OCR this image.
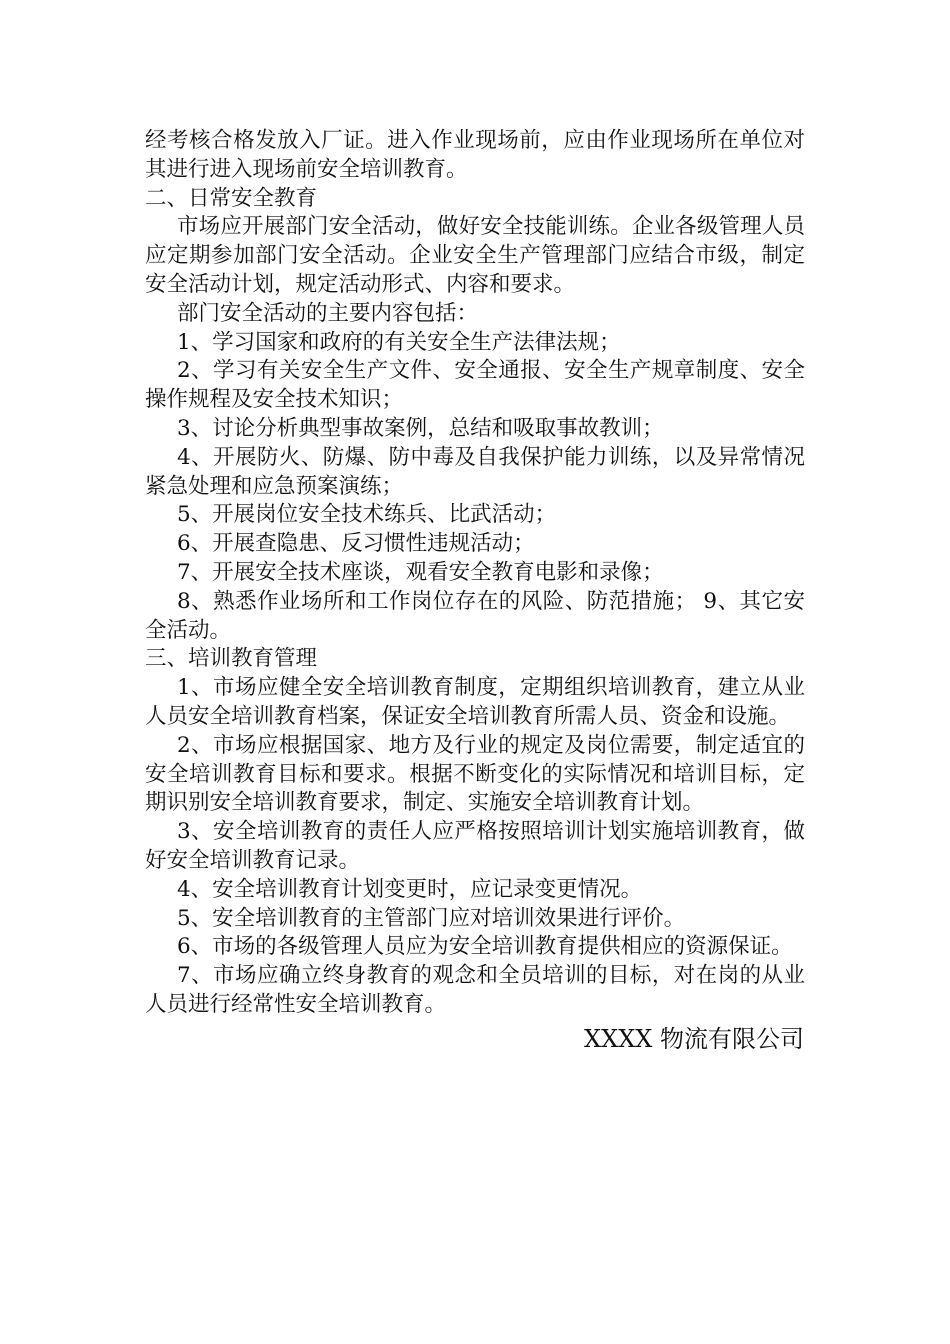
经考核合格发放入厂证。进入作业现场前，应由作业现场所在单位对其进行进入现场前安全培训教育。

二、日常安全教育

市场应开展部门安全活动，做好安全技能训练。企业各级管理人员应定期参加部门安全活动。企业安全生产管理部门应结合市级，制定安全活动计划，规定活动形式、内容和要求。

部门安全活动的主要内容包括：

1、学习国家和政府的有关安全生产法律法规；

2、学习有关安全生产文件、安全通报、安全生产规章制度、安全操作规程及安全技术知识；

3、讨论分析典型事故案例，总结和吸取事故教训；

4、开展防火、防爆、防中毒及自我保护能力训练，以及异常情况紧急处理和应急预案演练；

5、开展岗位安全技术练兵、比武活动；

6、开展查隐患、反习惯性违规活动；

7、开展安全技术座谈，观看安全教育电影和录像；

8、熟悉作业场所和工作岗位存在的风险、防范措施； 9、其它安全活动。

三、培训教育管理

1、市场应健全安全培训教育制度，定期组织培训教育，建立从业人员安全培训教育档案，保证安全培训教育所需人员、资金和设施。

2、市场应根据国家、地方及行业的规定及岗位需要，制定适宜的安全培训教育目标和要求。根据不断变化的实际情况和培训目标，定期识别安全培训教育要求，制定、实施安全培训教育计划。

3、安全培训教育的责任人应严格按照培训计划实施培训教育，做好安全培训教育记录。

4、安全培训教育计划变更时，应记录变更情况。

5、安全培训教育的主管部门应对培训效果进行评价。

6、市场的各级管理人员应为安全培训教育提供相应的资源保证。

7、市场应确立终身教育的观念和全员培训的目标，对在岗的从业人员进行经常性安全培训教育。

XXXX 物流有限公司
